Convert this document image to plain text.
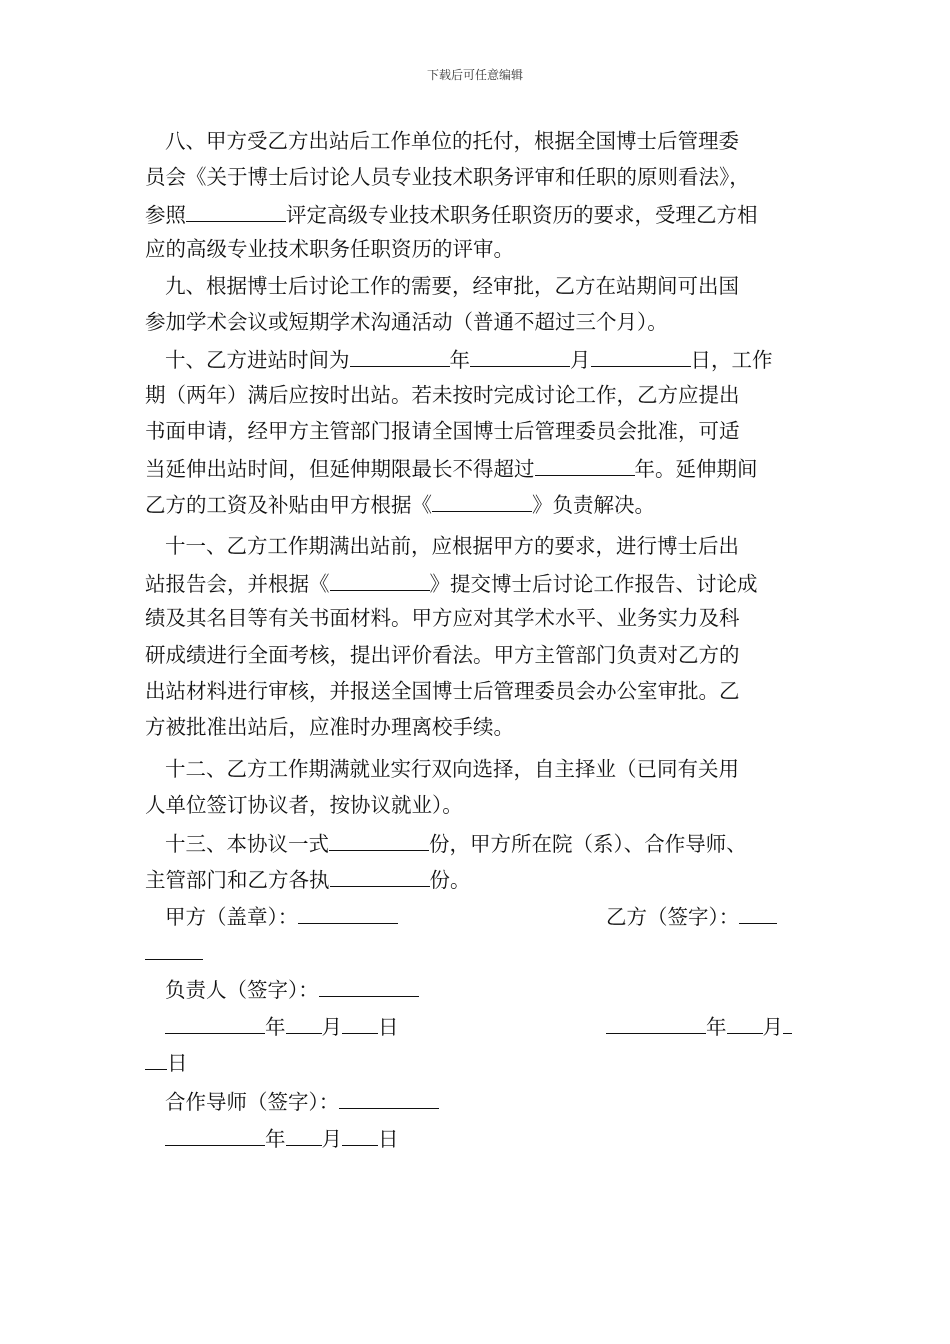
下载后可任意编辑
八、甲方受乙方出站后工作单位的托付，根据全国博士后管理委
员会《关于博士后讨论人员专业技术职务评审和任职的原则看法》，
参照	评定高级专业技术职务任职资历的要求，受理乙方相
应的高级专业技术职务任职资历的评审。
九、根据博士后讨论工作的需要，经审批，乙方在站期间可出国
参加学术会议或短期学术沟通活动（普通不超过三个月）。
十、乙方进站时间为	年	月	日，工作
期（两年）满后应按时出站。若未按时完成讨论工作，乙方应提出
书面申请，经甲方主管部门报请全国博士后管理委员会批准，可适
当延伸出站时间，但延伸期限最长不得超过	年。延伸期间
乙方的工资及补贴由甲方根据《	》负责解决。
十一、乙方工作期满出站前，应根据甲方的要求，进行博士后出
站报告会，并根据《	》提交博士后讨论工作报告、讨论成
绩及其名目等有关书面材料。甲方应对其学术水平、业务实力及科
研成绩进行全面考核，提出评价看法。甲方主管部门负责对乙方的
出站材料进行审核，并报送全国博士后管理委员会办公室审批。乙
方被批准出站后，应准时办理离校手续。
十二、乙方工作期满就业实行双向选择，自主择业（已同有关用
人单位签订协议者，按协议就业）。
十三、本协议一式	份，甲方所在院（系）、合作导师、
主管部门和乙方各执	份。
甲方（盖章）：	乙方（签字）：
负责人（签字）：
年 月 日	年 月
日
合作导师（签字）：
年 月 日
